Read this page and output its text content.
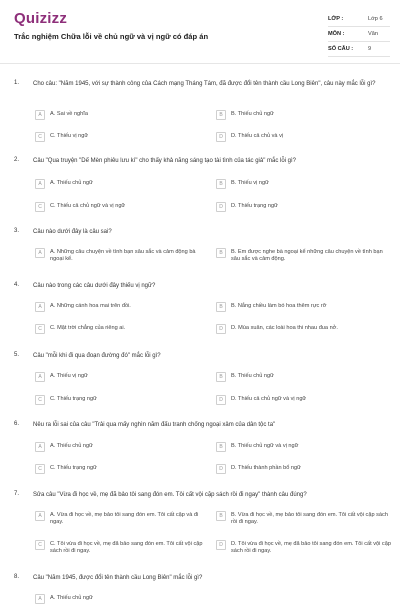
Quizizz
Trắc nghiệm Chữa lỗi về chủ ngữ và vị ngữ có đáp án
LỚP :	Lớp 6
MÔN :	Văn
SỐ CÂU :	9
1. Cho câu: "Năm 1945, với sự thành công của Cách mạng Tháng Tám, đã được đổi tên thành cầu Long Biên", câu này mắc lỗi gì?
A	A. Sai về nghĩa	B	B. Thiếu chủ ngữ
C	C. Thiếu vị ngữ	D	D. Thiếu cả chủ và vị
2. Câu "Qua truyện "Dế Mèn phiêu lưu kí" cho thấy khả năng sáng tạo tài tình của tác giả" mắc lỗi gì?
A	A. Thiếu chủ ngữ	B	B. Thiếu vị ngữ
C	C. Thiếu cả chủ ngữ và vị ngữ	D	D. Thiếu trạng ngữ
3. Câu nào dưới đây là câu sai?
A	A. Những câu chuyện về tình bạn sâu sắc và cảm động bà ngoại kể.
B	B. Em được nghe bà ngoại kể những câu chuyện về tình bạn sâu sắc và cảm động.
4. Câu nào trong các câu dưới đây thiếu vị ngữ?
A	A. Những cánh hoa mai trên đồi.	B	B. Nắng chiều làm bó hoa thêm rực rỡ
C	C. Mặt trời chẳng của riêng ai.	D	D. Mùa xuân, các loài hoa thi nhau đua nở.
5. Câu "mỗi khi đi qua đoạn đường đó" mắc lỗi gì?
A	A. Thiếu vị ngữ	B	B. Thiếu chủ ngữ
C	C. Thiếu trạng ngữ	D	D. Thiếu cả chủ ngữ và vị ngữ
6. Nêu ra lỗi sai của câu "Trải qua mấy nghìn năm đấu tranh chống ngoại xâm của dân tộc ta"
A	A. Thiếu chủ ngữ	B	B. Thiếu chủ ngữ và vị ngữ
C	C. Thiếu trạng ngữ	D	D. Thiếu thành phần bổ ngữ
7. Sửa câu "Vừa đi học về, mẹ đã bảo tôi sang đón em. Tôi cất vội cặp sách rồi đi ngay" thành câu đúng?
A	A. Vừa đi học về, mẹ bảo tôi sang đón em. Tôi cất cặp và đi ngay.
B	B. Vừa đi học về, mẹ bảo tôi sang đón em. Tôi cất vội cặp sách rồi đi ngay.
C	C. Tôi vừa đi học về, mẹ đã bảo sang đón em. Tôi cất vội cặp sách rồi đi ngay.
D	D. Tôi vừa đi học về, mẹ đã bảo tôi sang đón em. Tôi cất vội cặp sách rồi đi ngay.
8. Câu "Năm 1945, được đổi tên thành cầu Long Biên" mắc lỗi gì?
A	A. Thiếu chủ ngữ
